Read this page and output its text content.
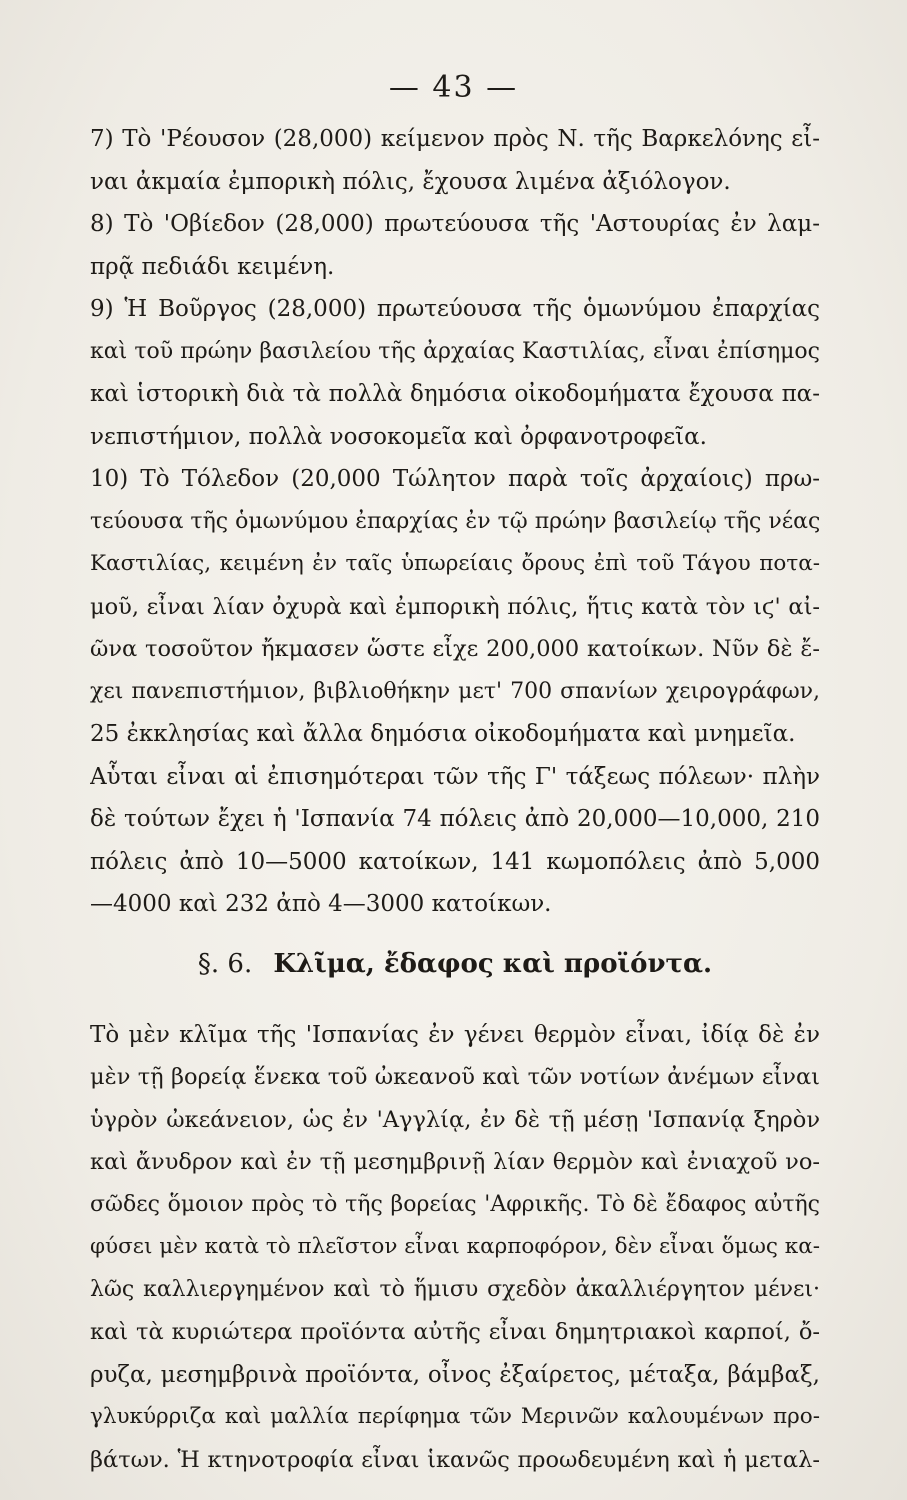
— 43 —
7) Τὸ 'Ρέουσον (28,000) κείμενον πρὸς Ν. τῆς Βαρκελόνης εἶ-
ναι ἀκμαία ἐμπορικὴ πόλις, ἔχουσα λιμένα ἀξιόλογον.
8) Τὸ 'Οβίεδον (28,000) πρωτεύουσα τῆς 'Αστουρίας ἐν λαμ-
πρᾷ πεδιάδι κειμένη.
9) Ἡ Βοῦργος (28,000) πρωτεύουσα τῆς ὁμωνύμου ἐπαρχίας
καὶ τοῦ πρώην βασιλείου τῆς ἀρχαίας Καστιλίας, εἶναι ἐπίσημος
καὶ ἱστορικὴ διὰ τὰ πολλὰ δημόσια οἰκοδομήματα ἔχουσα πα-
νεπιστήμιον, πολλὰ νοσοκομεῖα καὶ ὀρφανοτροφεῖα.
10) Τὸ Τόλεδον (20,000 Τώλητον παρὰ τοῖς ἀρχαίοις) πρω-
τεύουσα τῆς ὁμωνύμου ἐπαρχίας ἐν τῷ πρώην βασιλείῳ τῆς νέας
Καστιλίας, κειμένη ἐν ταῖς ὑπωρείαις ὄρους ἐπὶ τοῦ Τάγου ποτα-
μοῦ, εἶναι λίαν ὀχυρὰ καὶ ἐμπορικὴ πόλις, ἥτις κατὰ τὸν ιϛ' αἰ-
ῶνα τοσοῦτον ἤκμασεν ὥστε εἶχε 200,000 κατοίκων. Νῦν δὲ ἔ-
χει πανεπιστήμιον, βιβλιοθήκην μετ' 700 σπανίων χειρογράφων,
25 ἐκκλησίας καὶ ἄλλα δημόσια οἰκοδομήματα καὶ μνημεῖα.
Αὗται εἶναι αἱ ἐπισημότεραι τῶν τῆς Γ' τάξεως πόλεων· πλὴν
δὲ τούτων ἔχει ἡ 'Ισπανία 74 πόλεις ἀπὸ 20,000—10,000, 210
πόλεις ἀπὸ 10—5000 κατοίκων, 141 κωμοπόλεις ἀπὸ 5,000
—4000 καὶ 232 ἀπὸ 4—3000 κατοίκων.
§. 6. Κλῖμα, ἔδαφος καὶ προϊόντα.
Τὸ μὲν κλῖμα τῆς 'Ισπανίας ἐν γένει θερμὸν εἶναι, ἰδίᾳ δὲ ἐν
μὲν τῇ βορείᾳ ἕνεκα τοῦ ὠκεανοῦ καὶ τῶν νοτίων ἀνέμων εἶναι
ὑγρὸν ὠκεάνειον, ὡς ἐν 'Αγγλίᾳ, ἐν δὲ τῇ μέσῃ 'Ισπανίᾳ ξηρὸν
καὶ ἄνυδρον καὶ ἐν τῇ μεσημβρινῇ λίαν θερμὸν καὶ ἐνιαχοῦ νο-
σῶδες ὅμοιον πρὸς τὸ τῆς βορείας 'Αφρικῆς. Τὸ δὲ ἔδαφος αὐτῆς
φύσει μὲν κατὰ τὸ πλεῖστον εἶναι καρποφόρον, δὲν εἶναι ὅμως κα-
λῶς καλλιεργημένον καὶ τὸ ἥμισυ σχεδὸν ἀκαλλιέργητον μένει·
καὶ τὰ κυριώτερα προϊόντα αὐτῆς εἶναι δημητριακοὶ καρποί, ὄ-
ρυζα, μεσημβρινὰ προϊόντα, οἶνος ἐξαίρετος, μέταξα, βάμβαξ,
γλυκύρριζα καὶ μαλλία περίφημα τῶν Μερινῶν καλουμένων προ-
βάτων. Ἡ κτηνοτροφία εἶναι ἱκανῶς προωδευμένη καὶ ἡ μεταλ-
